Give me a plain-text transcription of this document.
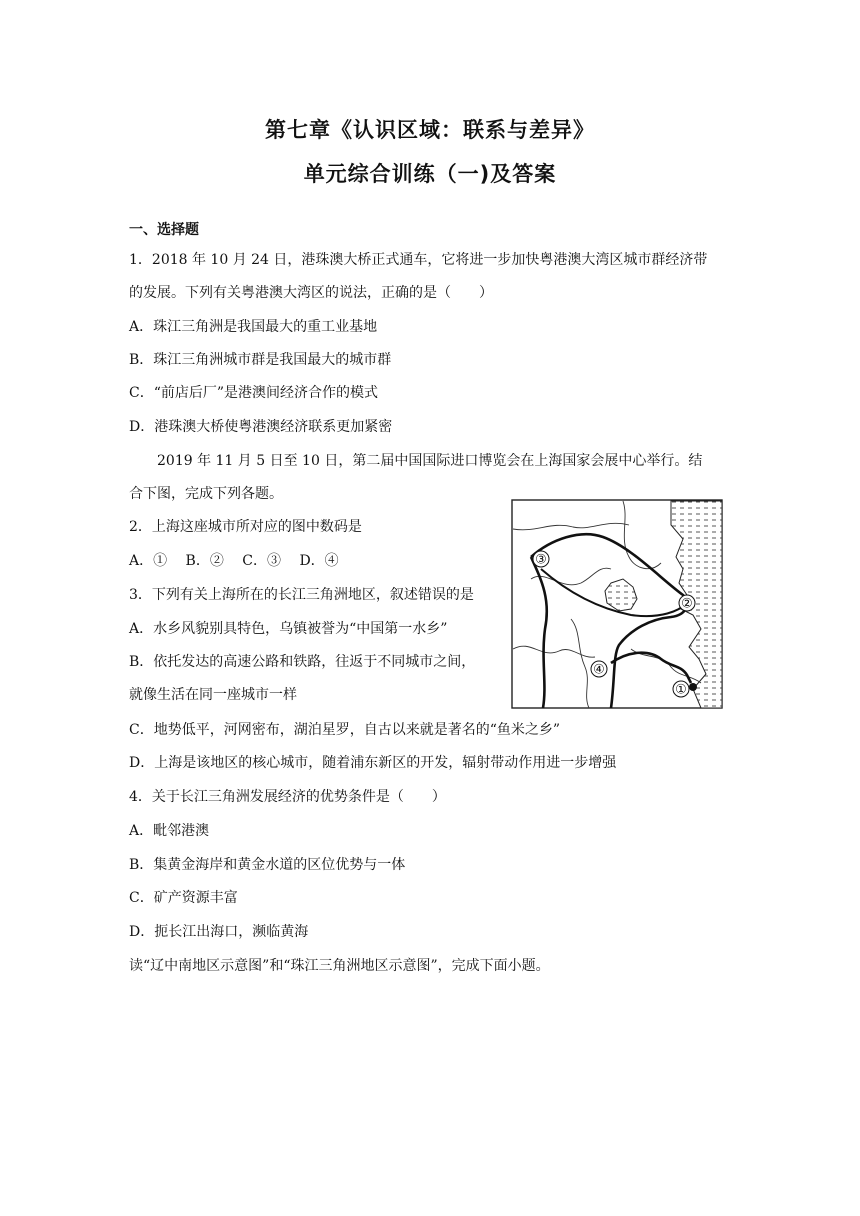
第七章《认识区域：联系与差异》
单元综合训练（一)及答案

一、选择题

1．2018 年 10 月 24 日，港珠澳大桥正式通车，它将进一步加快粤港澳大湾区城市群经济带

的发展。下列有关粤港澳大湾区的说法，正确的是（　　）

A．珠江三角洲是我国最大的重工业基地

B．珠江三角洲城市群是我国最大的城市群

C．“前店后厂”是港澳间经济合作的模式

D．港珠澳大桥使粤港澳经济联系更加紧密

2019 年 11 月 5 日至 10 日，第二届中国国际进口博览会在上海国家会展中心举行。结

合下图，完成下列各题。

2．上海这座城市所对应的图中数码是

A．①　 B．②　 C．③　 D．④

3．下列有关上海所在的长江三角洲地区，叙述错误的是

A．水乡风貌别具特色，乌镇被誉为“中国第一水乡”

B．依托发达的高速公路和铁路，往返于不同城市之间，

就像生活在同一座城市一样

C．地势低平，河网密布，湖泊星罗，自古以来就是著名的“鱼米之乡”

D．上海是该地区的核心城市，随着浦东新区的开发，辐射带动作用进一步增强

4．关于长江三角洲发展经济的优势条件是（　　）

A．毗邻港澳

B．集黄金海岸和黄金水道的区位优势与一体

C．矿产资源丰富

D．扼长江出海口，濒临黄海

读“辽中南地区示意图”和“珠江三角洲地区示意图”，完成下面小题。

③
②
④
①
